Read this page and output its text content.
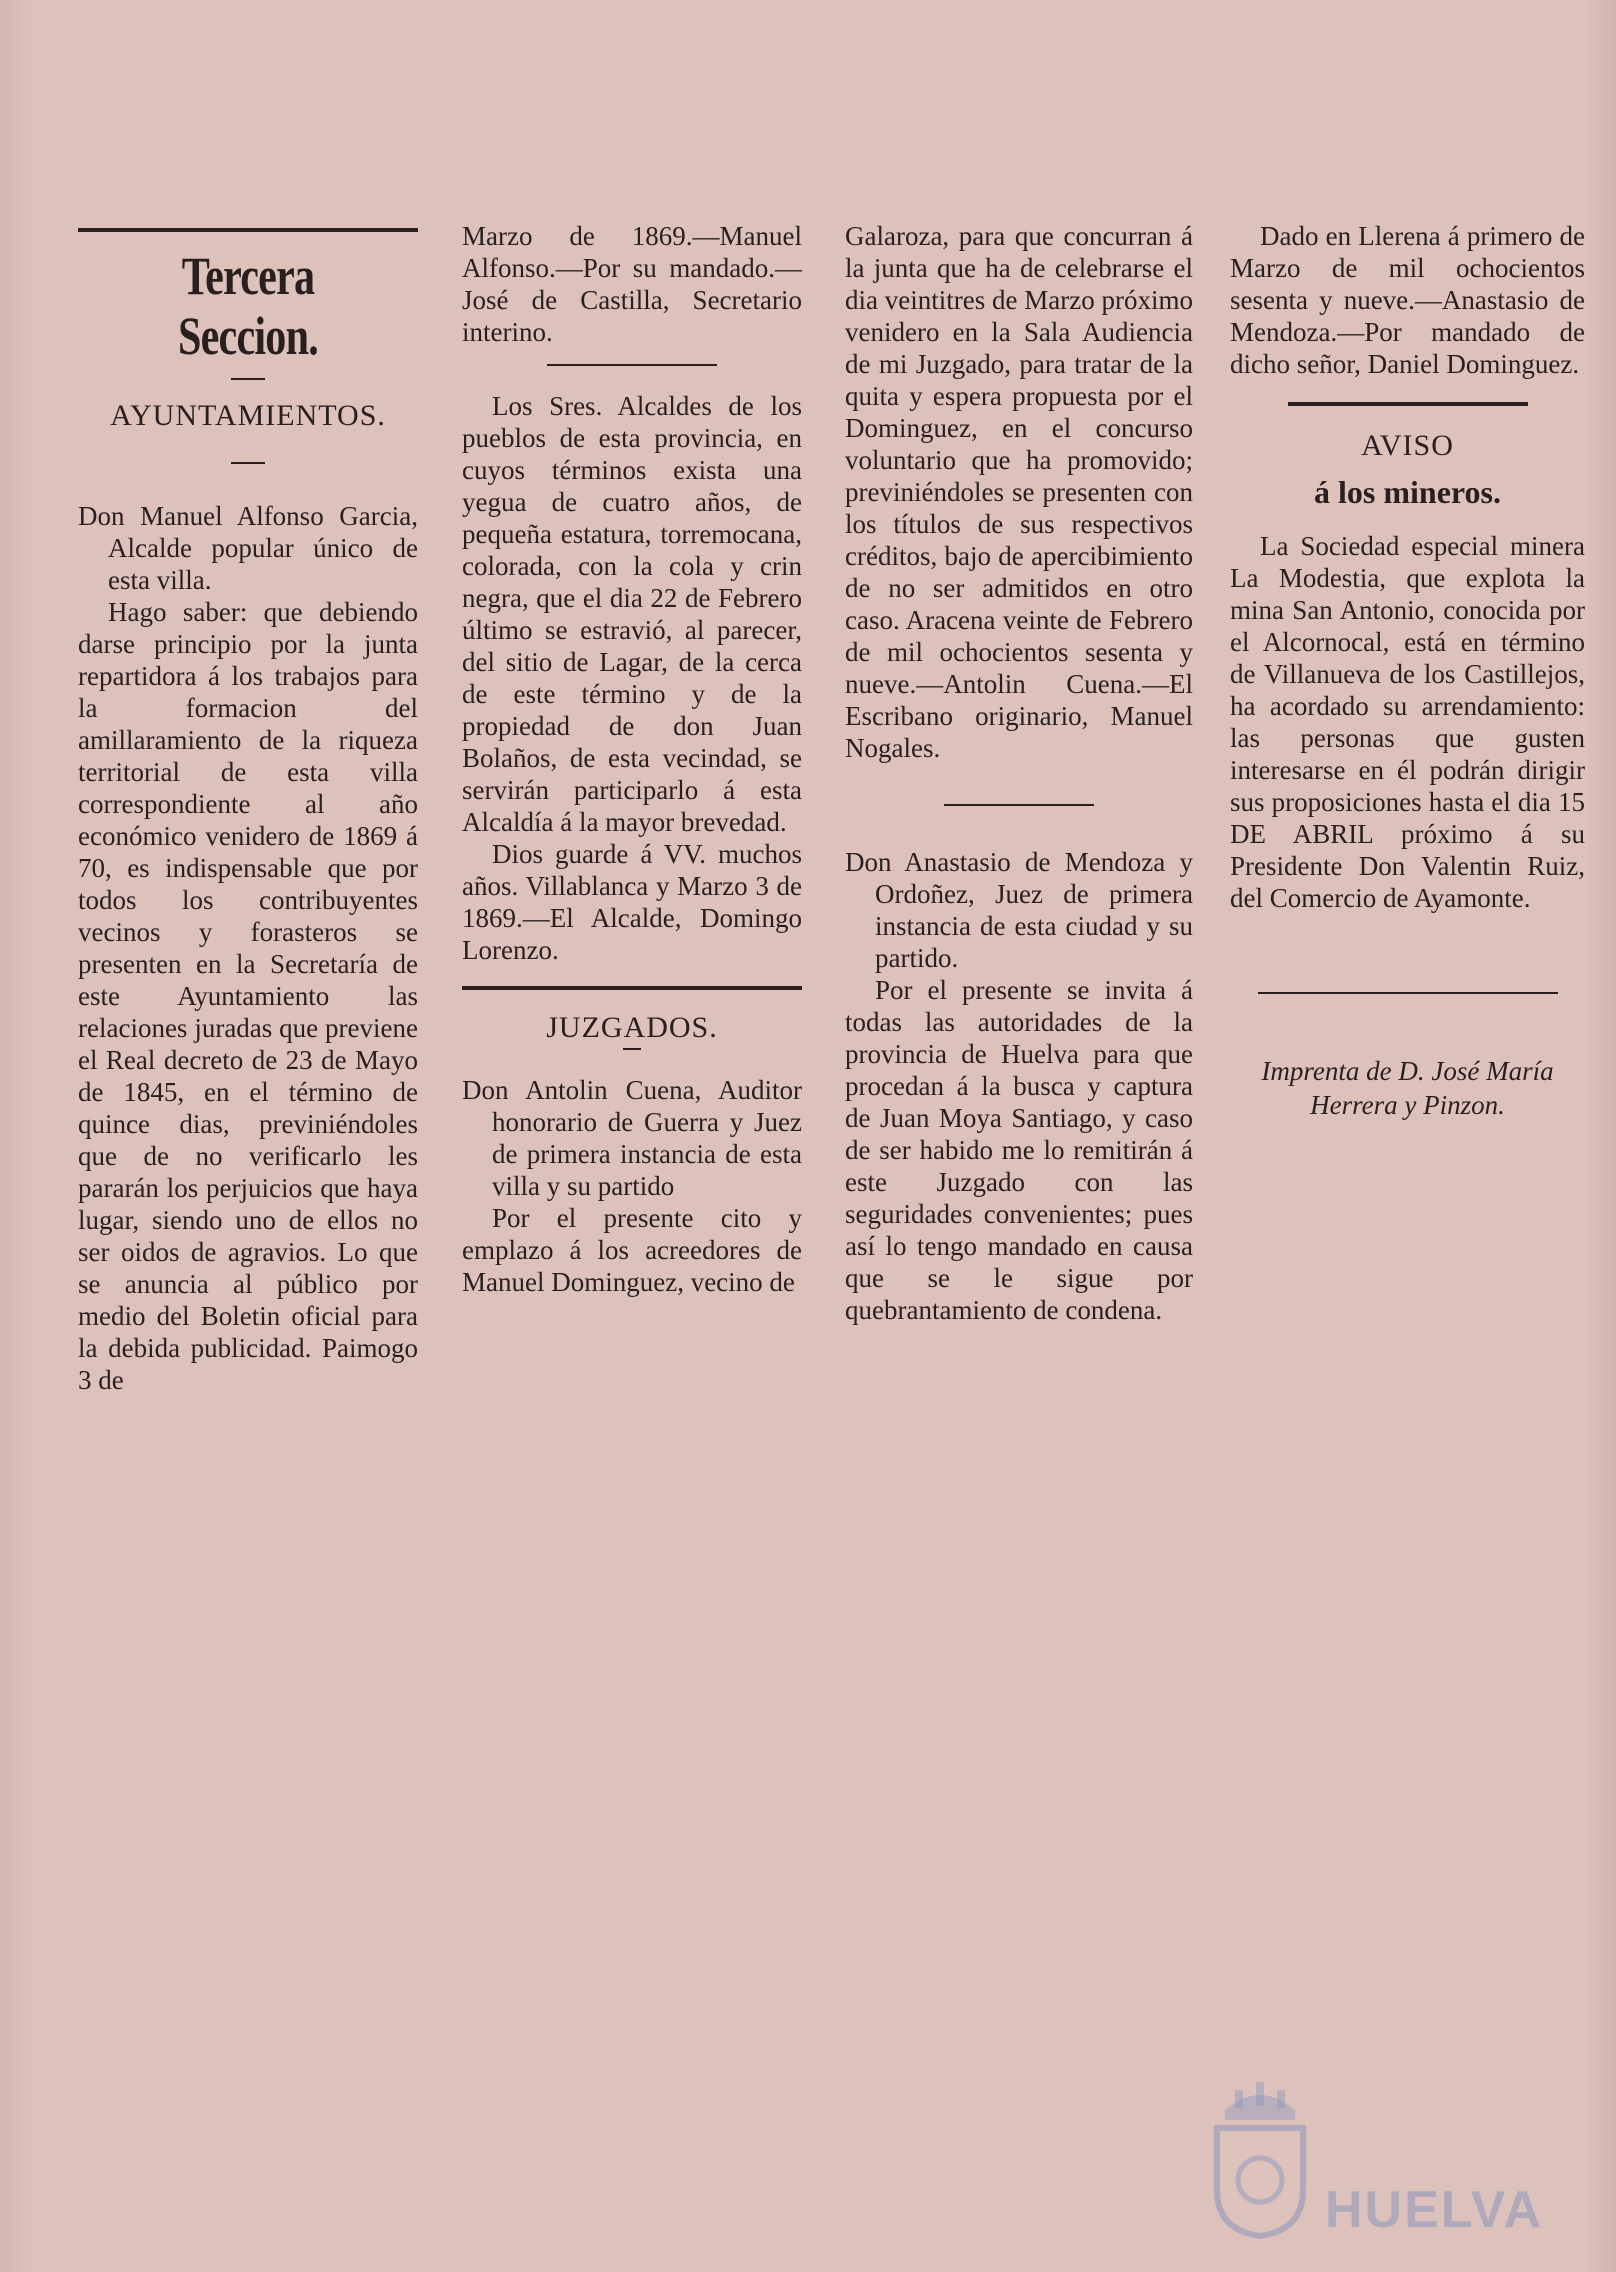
Tercera Seccion.

AYUNTAMIENTOS.

Don Manuel Alfonso Garcia, Alcalde popular único de esta villa.

Hago saber: que debiendo darse principio por la junta repartidora á los trabajos para la formacion del amillaramiento de la riqueza territorial de esta villa correspondiente al año económico venidero de 1869 á 70, es indispensable que por todos los contribuyentes vecinos y forasteros se presenten en la Secretaría de este Ayuntamiento las relaciones juradas que previene el Real decreto de 23 de Mayo de 1845, en el término de quince dias, previniéndoles que de no verificarlo les pararán los perjuicios que haya lugar, siendo uno de ellos no ser oidos de agravios. Lo que se anuncia al público por medio del Boletin oficial para la debida publicidad. Paimogo 3 de

Marzo de 1869.—Manuel Alfonso.—Por su mandado.—José de Castilla, Secretario interino.

Los Sres. Alcaldes de los pueblos de esta provincia, en cuyos términos exista una yegua de cuatro años, de pequeña estatura, torremocana, colorada, con la cola y crin negra, que el dia 22 de Febrero último se estravió, al parecer, del sitio de Lagar, de la cerca de este término y de la propiedad de don Juan Bolaños, de esta vecindad, se servirán participarlo á esta Alcaldía á la mayor brevedad.

Dios guarde á VV. muchos años. Villablanca y Marzo 3 de 1869.—El Alcalde, Domingo Lorenzo.

JUZGADOS.

Don Antolin Cuena, Auditor honorario de Guerra y Juez de primera instancia de esta villa y su partido

Por el presente cito y emplazo á los acreedores de Manuel Dominguez, vecino de

Galaroza, para que concurran á la junta que ha de celebrarse el dia veintitres de Marzo próximo venidero en la Sala Audiencia de mi Juzgado, para tratar de la quita y espera propuesta por el Dominguez, en el concurso voluntario que ha promovido; previniéndoles se presenten con los títulos de sus respectivos créditos, bajo de apercibimiento de no ser admitidos en otro caso. Aracena veinte de Febrero de mil ochocientos sesenta y nueve.—Antolin Cuena.—El Escribano originario, Manuel Nogales.

Don Anastasio de Mendoza y Ordoñez, Juez de primera instancia de esta ciudad y su partido.

Por el presente se invita á todas las autoridades de la provincia de Huelva para que procedan á la busca y captura de Juan Moya Santiago, y caso de ser habido me lo remitirán á este Juzgado con las seguridades convenientes; pues así lo tengo mandado en causa que se le sigue por quebrantamiento de condena.

Dado en Llerena á primero de Marzo de mil ochocientos sesenta y nueve.—Anastasio de Mendoza.—Por mandado de dicho señor, Daniel Dominguez.

AVISO

á los mineros.

La Sociedad especial minera La Modestia, que explota la mina San Antonio, conocida por el Alcornocal, está en término de Villanueva de los Castillejos, ha acordado su arrendamiento: las personas que gusten interesarse en él podrán dirigir sus proposiciones hasta el dia 15 DE ABRIL próximo á su Presidente Don Valentin Ruiz, del Comercio de Ayamonte.

Imprenta de D. José María

Herrera y Pinzon.

HUELVA
